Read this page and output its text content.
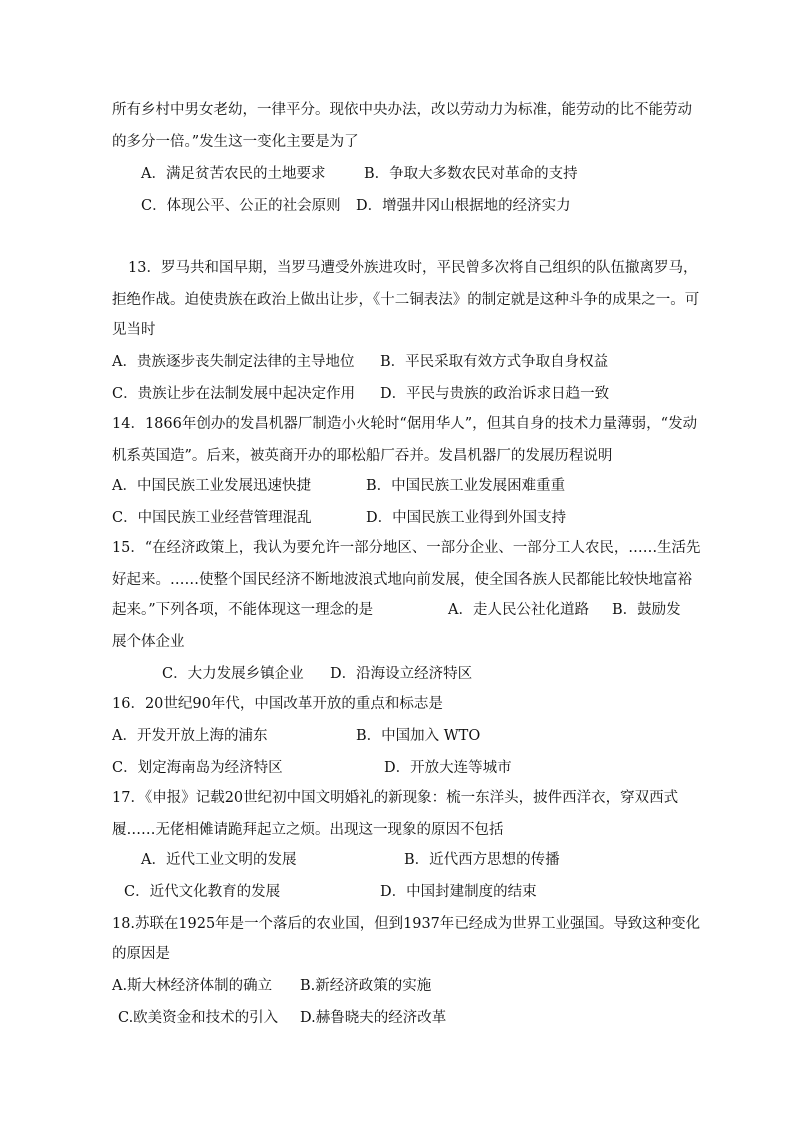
所有乡村中男女老幼，一律平分。现依中央办法，改以劳动力为标准，能劳动的比不能劳动
的多分一倍。”发生这一变化主要是为了
A．满足贫苦农民的土地要求	B．争取大多数农民对革命的支持
C．体现公平、公正的社会原则 D．增强井冈山根据地的经济实力
13．罗马共和国早期，当罗马遭受外族进攻时，平民曾多次将自己组织的队伍撤离罗马，
拒绝作战。迫使贵族在政治上做出让步，《十二铜表法》的制定就是这种斗争的成果之一。可
见当时
A．贵族逐步丧失制定法律的主导地位 B．平民采取有效方式争取自身权益
C．贵族让步在法制发展中起决定作用 D．平民与贵族的政治诉求日趋一致
14．1866年创办的发昌机器厂制造小火轮时“倨用华人”，但其自身的技术力量薄弱，“发动
机系英国造”。后来，被英商开办的耶松船厂吞并。发昌机器厂的发展历程说明
A．中国民族工业发展迅速快捷	B．中国民族工业发展困难重重
C．中国民族工业经营管理混乱	D．中国民族工业得到外国支持
15．“在经济政策上，我认为要允许一部分地区、一部分企业、一部分工人农民，……生活先
好起来。……使整个国民经济不断地波浪式地向前发展，使全国各族人民都能比较快地富裕
起来。”下列各项，不能体现这一理念的是	A．走人民公社化道路 B．鼓励发
展个体企业
C．大力发展乡镇企业 D．沿海设立经济特区
16．20世纪90年代，中国改革开放的重点和标志是
A．开发开放上海的浦东	B．中国加入 WTO
C．划定海南岛为经济特区	D．开放大连等城市
17．《申报》记载20世纪初中国文明婚礼的新现象：梳一东洋头，披件西洋衣，穿双西式
履……无佬相傩请跪拜起立之烦。出现这一现象的原因不包括
A．近代工业文明的发展	B．近代西方思想的传播
C．近代文化教育的发展	D．中国封建制度的结束
18.苏联在1925年是一个落后的农业国，但到1937年已经成为世界工业强国。导致这种变化
的原因是
A.斯大林经济体制的确立 B.新经济政策的实施
C.欧美资金和技术的引入 D.赫鲁晓夫的经济改革
